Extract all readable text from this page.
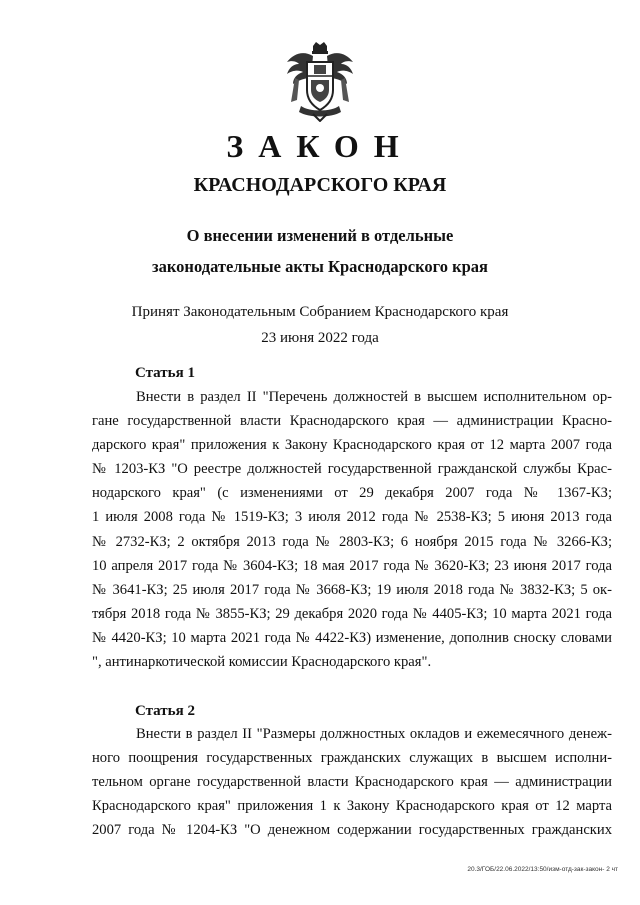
ЗАКОН
КРАСНОДАРСКОГО КРАЯ
О внесении изменений в отдельные
законодательные акты Краснодарского края
Принят Законодательным Собранием Краснодарского края
23 июня 2022 года
Статья 1
Внести в раздел II "Перечень должностей в высшем исполнительном ор-
гане государственной власти Краснодарского края — администрации Красно-
дарского края" приложения к Закону Краснодарского края от 12 марта 2007 года
№ 1203-КЗ "О реестре должностей государственной гражданской службы Крас-
нодарского края" (с изменениями от 29 декабря 2007 года № 1367-КЗ;
1 июля 2008 года № 1519-КЗ; 3 июля 2012 года № 2538-КЗ; 5 июня 2013 года
№ 2732-КЗ; 2 октября 2013 года № 2803-КЗ; 6 ноября 2015 года № 3266-КЗ;
10 апреля 2017 года № 3604-КЗ; 18 мая 2017 года № 3620-КЗ; 23 июня 2017 года
№ 3641-КЗ; 25 июля 2017 года № 3668-КЗ; 19 июля 2018 года № 3832-КЗ; 5 ок-
тября 2018 года № 3855-КЗ; 29 декабря 2020 года № 4405-КЗ; 10 марта 2021 года
№ 4420-КЗ; 10 марта 2021 года № 4422-КЗ) изменение, дополнив сноску словами
", антинаркотической комиссии Краснодарского края".
Статья 2
Внести в раздел II "Размеры должностных окладов и ежемесячного денеж-
ного поощрения государственных гражданских служащих в высшем исполни-
тельном органе государственной власти Краснодарского края — администрации
Краснодарского края" приложения 1 к Закону Краснодарского края от 12 марта
2007 года № 1204-КЗ "О денежном содержании государственных гражданских
20.3/ГОБ/22.06.2022/13:50/изм-отд-зак-закон- 2 чт
